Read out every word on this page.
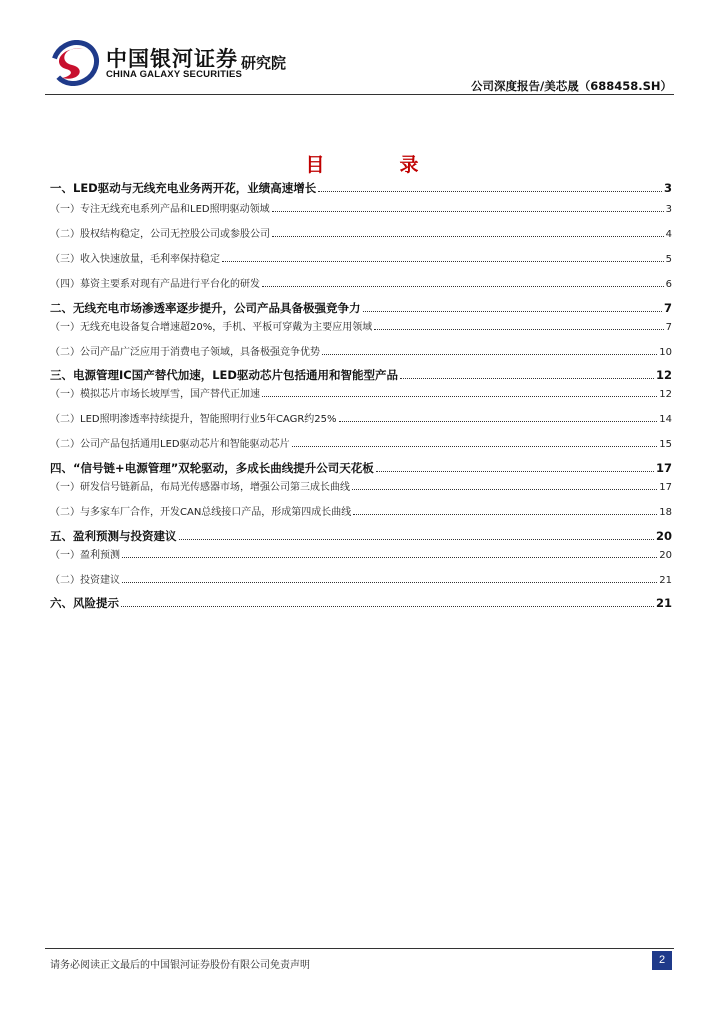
中国银河证券
CHINA GALAXY SECURITIES
研究院
公司深度报告/美芯晟（688458.SH）
目　录
一、LED驱动与无线充电业务两开花，业绩高速增长	3
（一）专注无线充电系列产品和LED照明驱动领域	3
（二）股权结构稳定，公司无控股公司或参股公司	4
（三）收入快速放量，毛利率保持稳定	5
（四）募资主要系对现有产品进行平台化的研发	6
二、无线充电市场渗透率逐步提升，公司产品具备极强竞争力	7
（一）无线充电设备复合增速超20%，手机、平板可穿戴为主要应用领域	7
（二）公司产品广泛应用于消费电子领域，具备极强竞争优势	10
三、电源管理IC国产替代加速，LED驱动芯片包括通用和智能型产品	12
（一）模拟芯片市场长坡厚雪，国产替代正加速	12
（二）LED照明渗透率持续提升，智能照明行业5年CAGR约25%	14
（二）公司产品包括通用LED驱动芯片和智能驱动芯片	15
四、“信号链+电源管理”双轮驱动，多成长曲线提升公司天花板	17
（一）研发信号链新品，布局光传感器市场，增强公司第三成长曲线	17
（二）与多家车厂合作，开发CAN总线接口产品，形成第四成长曲线	18
五、盈利预测与投资建议	20
（一）盈利预测	20
（二）投资建议	21
六、风险提示	21
请务必阅读正文最后的中国银河证券股份有限公司免责声明	2
